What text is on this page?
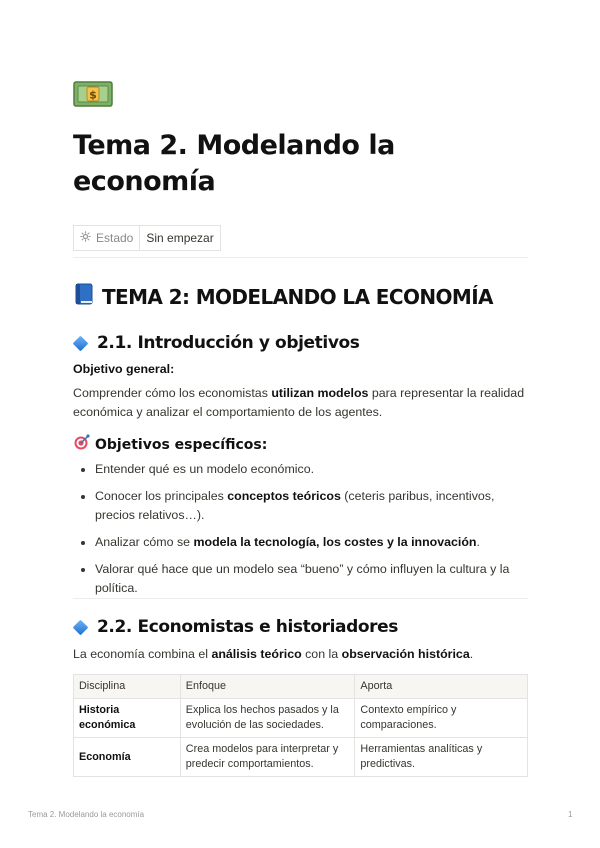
$
Tema 2. Modelando la economía
Estado	Sin empezar
TEMA 2: MODELANDO LA ECONOMÍA
2.1. Introducción y objetivos

Objetivo general:

Comprender cómo los economistas utilizan modelos para representar la realidad económica y analizar el comportamiento de los agentes.

Objetivos específicos:
Entender qué es un modelo económico.
Conocer los principales conceptos teóricos (ceteris paribus, incentivos, precios relativos…).
Analizar cómo se modela la tecnología, los costes y la innovación.
Valorar qué hace que un modelo sea “bueno” y cómo influyen la cultura y la política.
2.2. Economistas e historiadores

La economía combina el análisis teórico con la observación histórica.

Disciplina	Enfoque	Aporta
Historia económica	Explica los hechos pasados y la evolución de las sociedades.	Contexto empírico y comparaciones.
Economía	Crea modelos para interpretar y predecir comportamientos.	Herramientas analíticas y predictivas.
Tema 2. Modelando la economía	1
